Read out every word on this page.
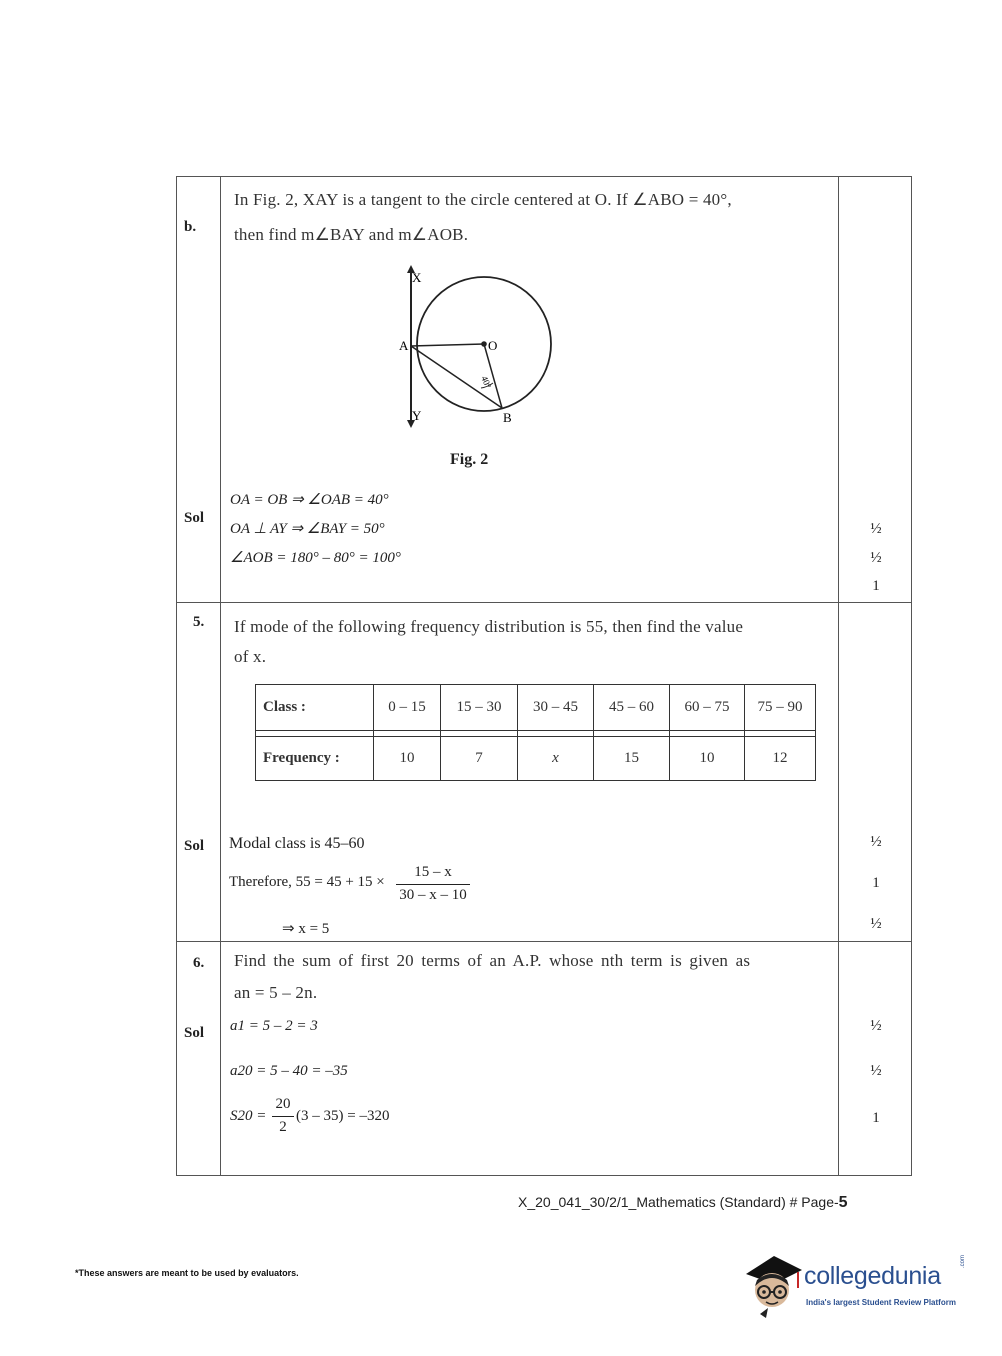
b.
In Fig. 2, XAY is a tangent to the circle centered at O. If ∠ABO = 40°,
then find m∠BAY and m∠AOB.
X
Y
A	O
B
40°
Fig. 2
Sol
OA = OB ⇒ ∠OAB = 40°
OA ⊥ AY ⇒ ∠BAY = 50°
∠AOB = 180° – 80° = 100°
½
½
1
5. If mode of the following frequency distribution is 55, then find the value
of x.
Class :	0 – 15	15 – 30	30 – 45	45 – 60	60 – 75	75 – 90

Frequency :	10	7	x	15	10	12
Sol Modal class is 45–60
Therefore, 55 = 45 + 15 ×
15 – x
30 – x – 10
⇒ x = 5
½
1
½
6. Find the sum of first 20 terms of an A.P. whose nth term is given as
an = 5 – 2n.
Sol a1 = 5 – 2 = 3
a20 = 5 – 40 = –35
S20 =
20
2
(3 – 35) = –320
½
½
1
X_20_041_30/2/1_Mathematics (Standard) # Page-5
*These answers are meant to be used by evaluators.	collegedunia
.com
India's largest Student Review Platform
